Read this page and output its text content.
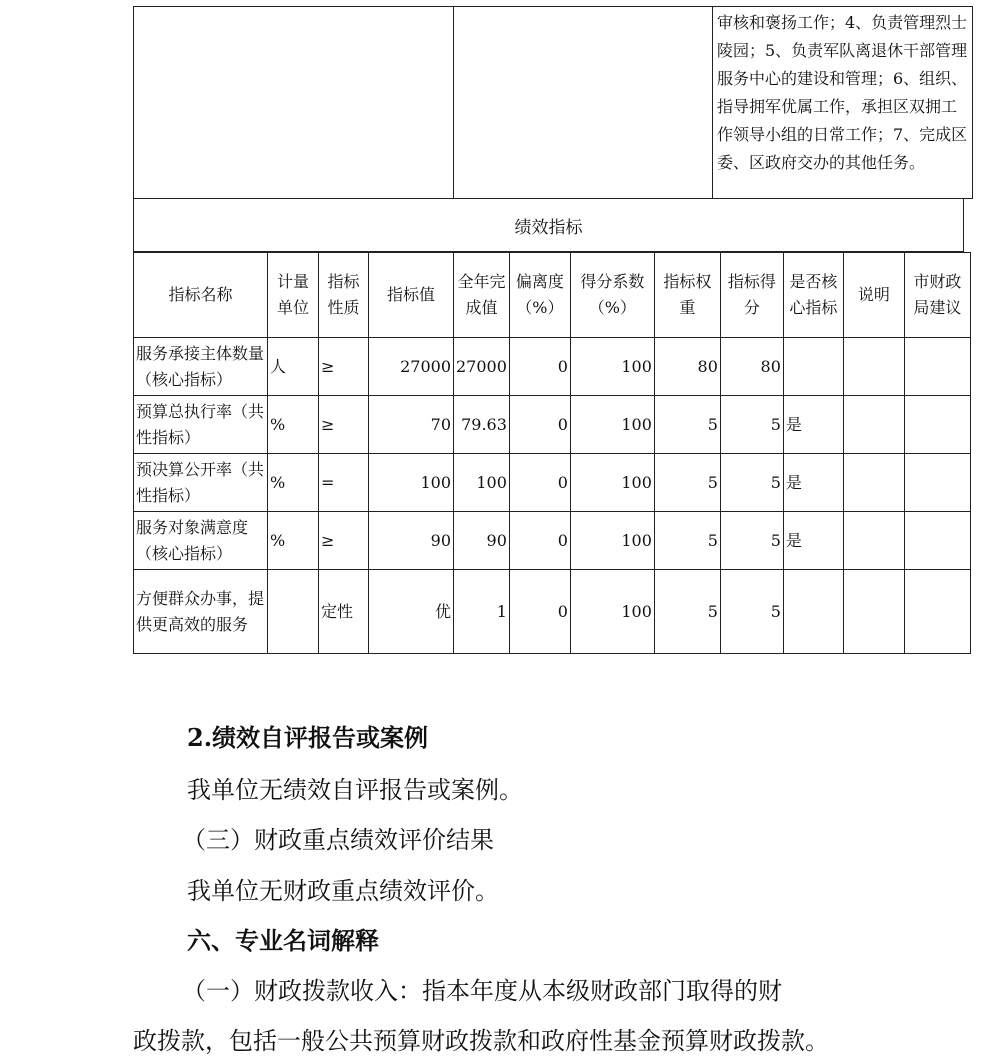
		审核和褒扬工作；4、负责管理烈士陵园；5、负责军队离退休干部管理服务中心的建设和管理；6、组织、指导拥军优属工作，承担区双拥工作领导小组的日常工作；7、完成区委、区政府交办的其他任务。
绩效指标
指标名称	计量单位	指标性质	指标值	全年完成值	偏离度（%）	得分系数（%）	指标权重	指标得分	是否核心指标	说明	市财政局建议
服务承接主体数量（核心指标）	人	≥	27000	27000	0	100	80	80			
预算总执行率（共性指标）	%	≥	70	79.63	0	100	5	5	是		
预决算公开率（共性指标）	%	=	100	100	0	100	5	5	是		
服务对象满意度（核心指标）	%	≥	90	90	0	100	5	5	是		
方便群众办事，提供更高效的服务		定性	优	1	0	100	5	5			

2.绩效自评报告或案例

我单位无绩效自评报告或案例。

（三）财政重点绩效评价结果

我单位无财政重点绩效评价。

六、专业名词解释

（一）财政拨款收入：指本年度从本级财政部门取得的财

政拨款，包括一般公共预算财政拨款和政府性基金预算财政拨款。
